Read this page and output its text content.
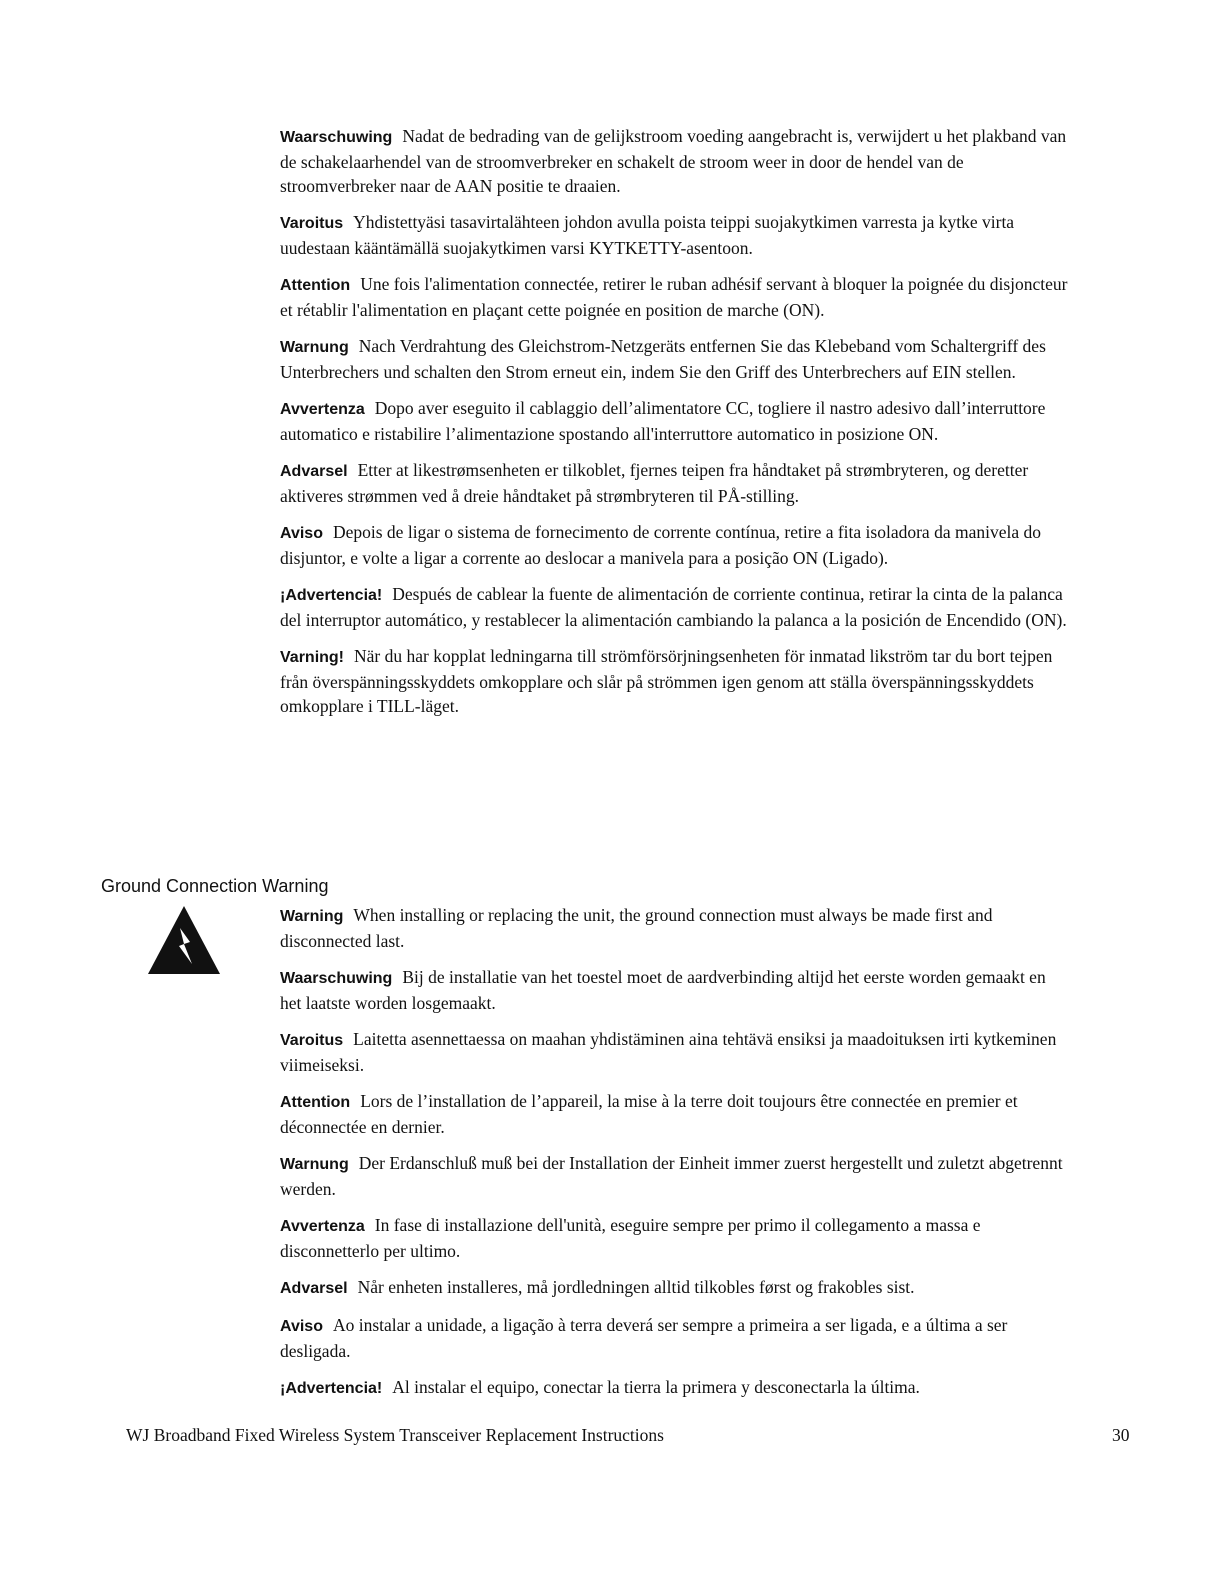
Waarschuwing Nadat de bedrading van de gelijkstroom voeding aangebracht is, verwijdert u het plakband van de schakelaarhendel van de stroomverbreker en schakelt de stroom weer in door de hendel van de stroomverbreker naar de AAN positie te draaien.

Varoitus Yhdistettyäsi tasavirtalähteen johdon avulla poista teippi suojakytkimen varresta ja kytke virta uudestaan kääntämällä suojakytkimen varsi KYTKETTY-asentoon.

Attention Une fois l'alimentation connectée, retirer le ruban adhésif servant à bloquer la poignée du disjoncteur et rétablir l'alimentation en plaçant cette poignée en position de marche (ON).

Warnung Nach Verdrahtung des Gleichstrom-Netzgeräts entfernen Sie das Klebeband vom Schaltergriff des Unterbrechers und schalten den Strom erneut ein, indem Sie den Griff des Unterbrechers auf EIN stellen.

Avvertenza Dopo aver eseguito il cablaggio dell’alimentatore CC, togliere il nastro adesivo dall’interruttore automatico e ristabilire l’alimentazione spostando all'interruttore automatico in posizione ON.

Advarsel Etter at likestrømsenheten er tilkoblet, fjernes teipen fra håndtaket på strømbryteren, og deretter aktiveres strømmen ved å dreie håndtaket på strømbryteren til PÅ-stilling.

Aviso Depois de ligar o sistema de fornecimento de corrente contínua, retire a fita isoladora da manivela do disjuntor, e volte a ligar a corrente ao deslocar a manivela para a posição ON (Ligado).

¡Advertencia! Después de cablear la fuente de alimentación de corriente continua, retirar la cinta de la palanca del interruptor automático, y restablecer la alimentación cambiando la palanca a la posición de Encendido (ON).

Varning! När du har kopplat ledningarna till strömförsörjningsenheten för inmatad likström tar du bort tejpen från överspänningsskyddets omkopplare och slår på strömmen igen genom att ställa överspänningsskyddets omkopplare i TILL-läget.

Ground Connection Warning

Warning When installing or replacing the unit, the ground connection must always be made first and disconnected last.

Waarschuwing Bij de installatie van het toestel moet de aardverbinding altijd het eerste worden gemaakt en het laatste worden losgemaakt.

Varoitus Laitetta asennettaessa on maahan yhdistäminen aina tehtävä ensiksi ja maadoituksen irti kytkeminen viimeiseksi.

Attention Lors de l’installation de l’appareil, la mise à la terre doit toujours être connectée en premier et déconnectée en dernier.

Warnung Der Erdanschluß muß bei der Installation der Einheit immer zuerst hergestellt und zuletzt abgetrennt werden.

Avvertenza In fase di installazione dell'unità, eseguire sempre per primo il collegamento a massa e disconnetterlo per ultimo.

Advarsel Når enheten installeres, må jordledningen alltid tilkobles først og frakobles sist.

Aviso Ao instalar a unidade, a ligação à terra deverá ser sempre a primeira a ser ligada, e a última a ser desligada.

¡Advertencia! Al instalar el equipo, conectar la tierra la primera y desconectarla la última.

WJ Broadband Fixed Wireless System Transceiver Replacement Instructions	30
